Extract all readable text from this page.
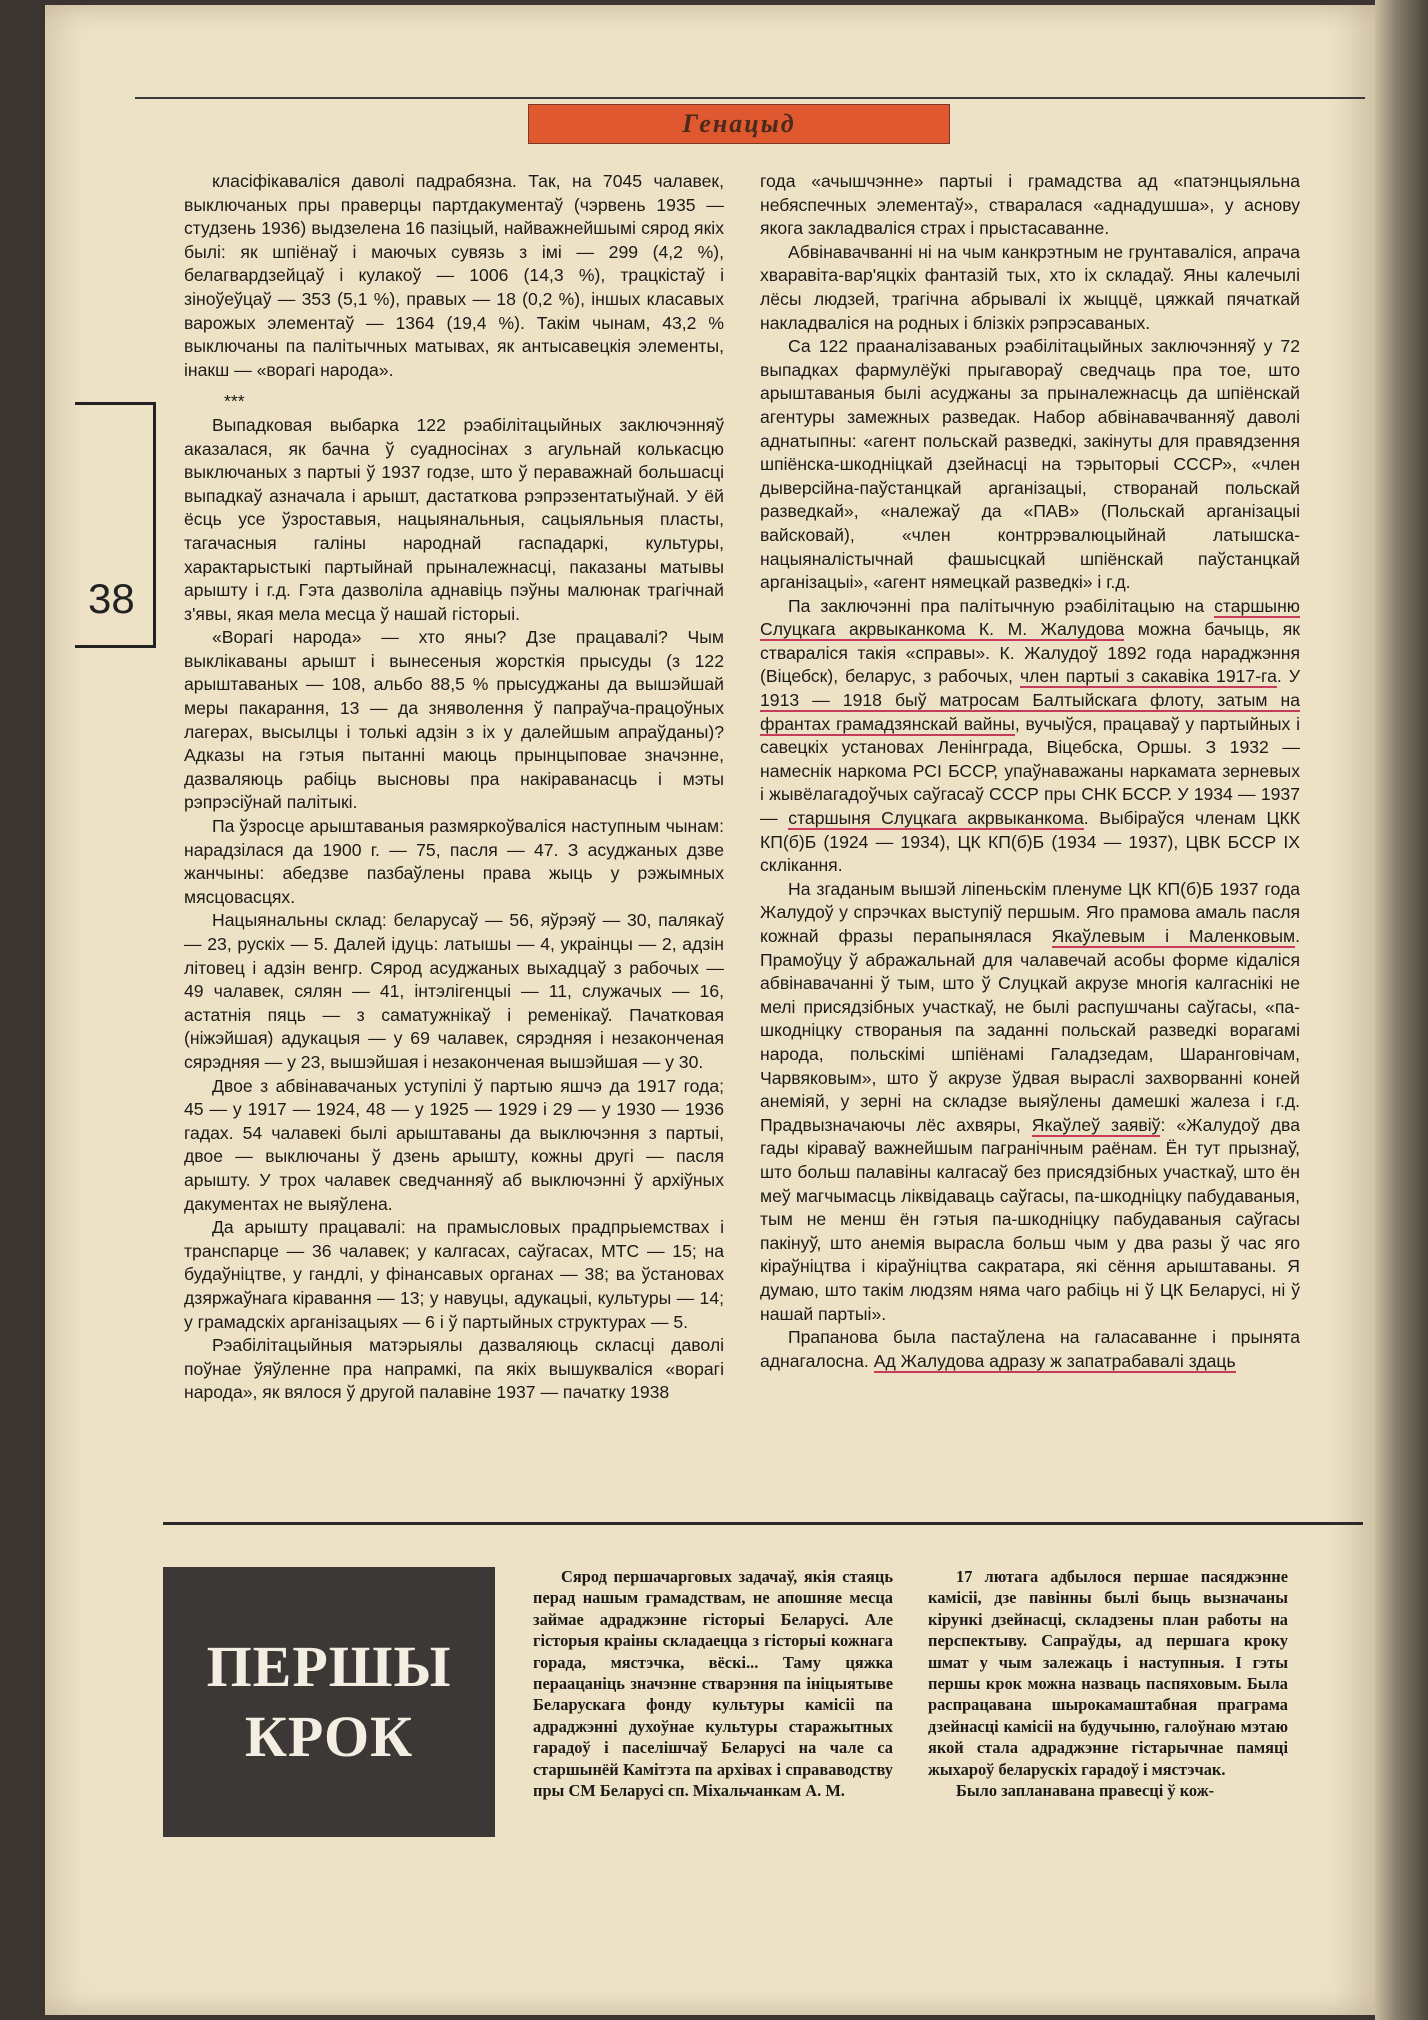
Генацыд
38

класіфікаваліся даволі падрабязна. Так, на 7045 чалавек, выключаных пры праверцы партдакументаў (чэрвень 1935 — студзень 1936) выдзелена 16 пазіцый, найважнейшымі сярод якіх былі: як шпіёнаў і маючых сувязь з імі — 299 (4,2 %), белагвардзейцаў і кулакоў — 1006 (14,3 %), трацкістаў і зіноўеўцаў — 353 (5,1 %), правых — 18 (0,2 %), іншых класавых варожых элементаў — 1364 (19,4 %). Такім чынам, 43,2 % выключаны па палітычных матывах, як антысавецкія элементы, інакш — «ворагі народа».

***

Выпадковая выбарка 122 рэабілітацыйных заключэнняў аказалася, як бачна ў суадносінах з агульнай колькасцю выключаных з партыі ў 1937 годзе, што ў пераважнай большасці выпадкаў азначала і арышт, дастаткова рэпрэзентатыўнай. У ёй ёсць усе ўзроставыя, нацыянальныя, сацыяльныя пласты, тагачасныя галіны народнай гаспадаркі, культуры, характарыстыкі партыйнай прыналежнасці, паказаны матывы арышту і г.д. Гэта дазволіла аднавіць пэўны малюнак трагічнай з'явы, якая мела месца ў нашай гісторыі.

«Ворагі народа» — хто яны? Дзе працавалі? Чым выклікаваны арышт і вынесеныя жорсткія прысуды (з 122 арыштаваных — 108, альбо 88,5 % прысуджаны да вышэйшай меры пакарання, 13 — да зняволення ў папраўча-працоўных лагерах, высылцы і толькі адзін з іх у далейшым апраўданы)? Адказы на гэтыя пытанні маюць прынцыповае значэнне, дазваляюць рабіць высновы пра накіраванасць і мэты рэпрэсіўнай палітыкі.

Па ўзросце арыштаваныя размяркоўваліся наступным чынам: нарадзілася да 1900 г. — 75, пасля — 47. З асуджаных дзве жанчыны: абедзве пазбаўлены права жыць у рэжымных мясцовасцях.

Нацыянальны склад: беларусаў — 56, яўрэяў — 30, палякаў — 23, рускіх — 5. Далей ідуць: латышы — 4, украінцы — 2, адзін літовец і адзін венгр. Сярод асуджаных выхадцаў з рабочых — 49 чалавек, сялян — 41, інтэлігенцыі — 11, служачых — 16, астатнія пяць — з саматужнікаў і ременікаў. Пачатковая (ніжэйшая) адукацыя — у 69 чалавек, сярэдняя і незаконченая сярэдняя — у 23, вышэйшая і незаконченая вышэйшая — у 30.

Двое з абвінавачаных уступілі ў партыю яшчэ да 1917 года; 45 — у 1917 — 1924, 48 — у 1925 — 1929 і 29 — у 1930 — 1936 гадах. 54 чалавекі былі арыштаваны да выключэння з партыі, двое — выключаны ў дзень арышту, кожны другі — пасля арышту. У трох чалавек сведчанняў аб выключэнні ў архіўных дакументах не выяўлена.

Да арышту працавалі: на прамысловых прадпрыемствах і транспарце — 36 чалавек; у калгасах, саўгасах, МТС — 15; на будаўніцтве, у гандлі, у фінансавых органах — 38; ва ўстановах дзяржаўнага кіравання — 13; у навуцы, адукацыі, культуры — 14; у грамадскіх арганізацыях — 6 і ў партыйных структурах — 5.

Рэабілітацыйныя матэрыялы дазваляюць скласці даволі поўнае ўяўленне пра напрамкі, па якіх вышукваліся «ворагі народа», як вялося ў другой палавіне 1937 — пачатку 1938

года «ачышчэнне» партыі і грамадства ад «патэнцыяльна небяспечных элементаў», стваралася «аднадушша», у аснову якога закладваліся страх і прыстасаванне.

Абвінавачванні ні на чым канкрэтным не грунтаваліся, апрача хваравіта-вар'яцкіх фантазій тых, хто іх складаў. Яны калечылі лёсы людзей, трагічна абрывалі іх жыццё, цяжкай пячаткай накладваліся на родных і блізкіх рэпрэсаваных.

Са 122 прааналізаваных рэабілітацыйных заключэнняў у 72 выпадках фармулёўкі прыгавораў сведчаць пра тое, што арыштаваныя былі асуджаны за прыналежнасць да шпіёнскай агентуры замежных разведак. Набор абвінавачванняў даволі аднатыпны: «агент польскай разведкі, закінуты для правядзення шпіёнска-шкодніцкай дзейнасці на тэрыторыі СССР», «член дыверсійна-паўстанцкай арганізацыі, створанай польскай разведкай», «належаў да «ПАВ» (Польскай арганізацыі вайсковай), «член контррэвалюцыйнай латышска-нацыяналістычнай фашысцкай шпіёнскай паўстанцкай арганізацыі», «агент нямецкай разведкі» і г.д.

Па заключэнні пра палітычную рэабілітацыю на старшыню Слуцкага акрвыканкома К. М. Жалудова можна бачыць, як ствараліся такія «справы». К. Жалудоў 1892 года нараджэння (Віцебск), беларус, з рабочых, член партыі з сакавіка 1917-га. У 1913 — 1918 быў матросам Балтыйскага флоту, затым на франтах грамадзянскай вайны, вучыўся, працаваў у партыйных і савецкіх установах Ленінграда, Віцебска, Оршы. З 1932 — намеснік наркома РСІ БССР, упаўнаважаны наркамата зерневых і жывёлагадоўчых саўгасаў СССР пры СНК БССР. У 1934 — 1937 — старшыня Слуцкага акрвыканкома. Выбіраўся членам ЦКК КП(б)Б (1924 — 1934), ЦК КП(б)Б (1934 — 1937), ЦВК БССР IX склікання.

На згаданым вышэй ліпеньскім пленуме ЦК КП(б)Б 1937 года Жалудоў у спрэчках выступіў першым. Яго прамова амаль пасля кожнай фразы перапынялася Якаўлевым і Маленковым. Прамоўцу ў абражальнай для чалавечай асобы форме кідаліся абвінавачанні ў тым, што ў Слуцкай акрузе многія калгаснікі не мелі присядзібных участкаў, не былі распушчаны саўгасы, «па-шкодніцку створаныя па заданні польскай разведкі ворагамі народа, польскімі шпіёнамі Галадзедам, Шаранговічам, Чарвяковым», што ў акрузе ўдвая выраслі захворванні коней анеміяй, у зерні на складзе выяўлены дамешкі жалеза і г.д. Прадвызначаючы лёс ахвяры, Якаўлеў заявіў: «Жалудоў два гады кіраваў важнейшым пагранічным раёнам. Ён тут прызнаў, што больш палавіны калгасаў без присядзібных участкаў, што ён меў магчымасць ліквідаваць саўгасы, па-шкодніцку пабудаваныя, тым не менш ён гэтыя па-шкодніцку пабудаваныя саўгасы пакінуў, што анемія вырасла больш чым у два разы ў час яго кіраўніцтва і кіраўніцтва сакратара, які сёння арыштаваны. Я думаю, што такім людзям няма чаго рабіць ні ў ЦК Беларусі, ні ў нашай партыі».

Прапанова была пастаўлена на галасаванне і прынята аднагалосна. Ад Жалудова адразу ж запатрабавалі здаць

ПЕРШЫ
КРОК

Сярод першачарговых задачаў, якія стаяць перад нашым грамадствам, не апошняе месца займае адраджэнне гісторыі Беларусі. Але гісторыя краіны складаецца з гісторыі кожнага горада, мястэчка, вёскі... Таму цяжка пераацаніць значэнне стварэння па ініцыятыве Беларускага фонду культуры камісіі па адраджэнні духоўнае культуры старажытных гарадоў і паселішчаў Беларусі на чале са старшынёй Камітэта па архівах і справаводству пры СМ Беларусі сп. Міхальчанкам А. М.

17 лютага адбылося першае пасяджэнне камісіі, дзе павінны былі быць вызначаны кірункі дзейнасці, складзены план работы на перспектыву. Сапраўды, ад першага кроку шмат у чым залежаць і наступныя. І гэты першы крок можна назваць паспяховым. Была распрацавана шырокамаштабная праграма дзейнасці камісіі на будучыню, галоўнаю мэтаю якой стала адраджэнне гістарычнае памяці жыхароў беларускіх гарадоў і мястэчак.

Было запланавана правесці ў кож-
